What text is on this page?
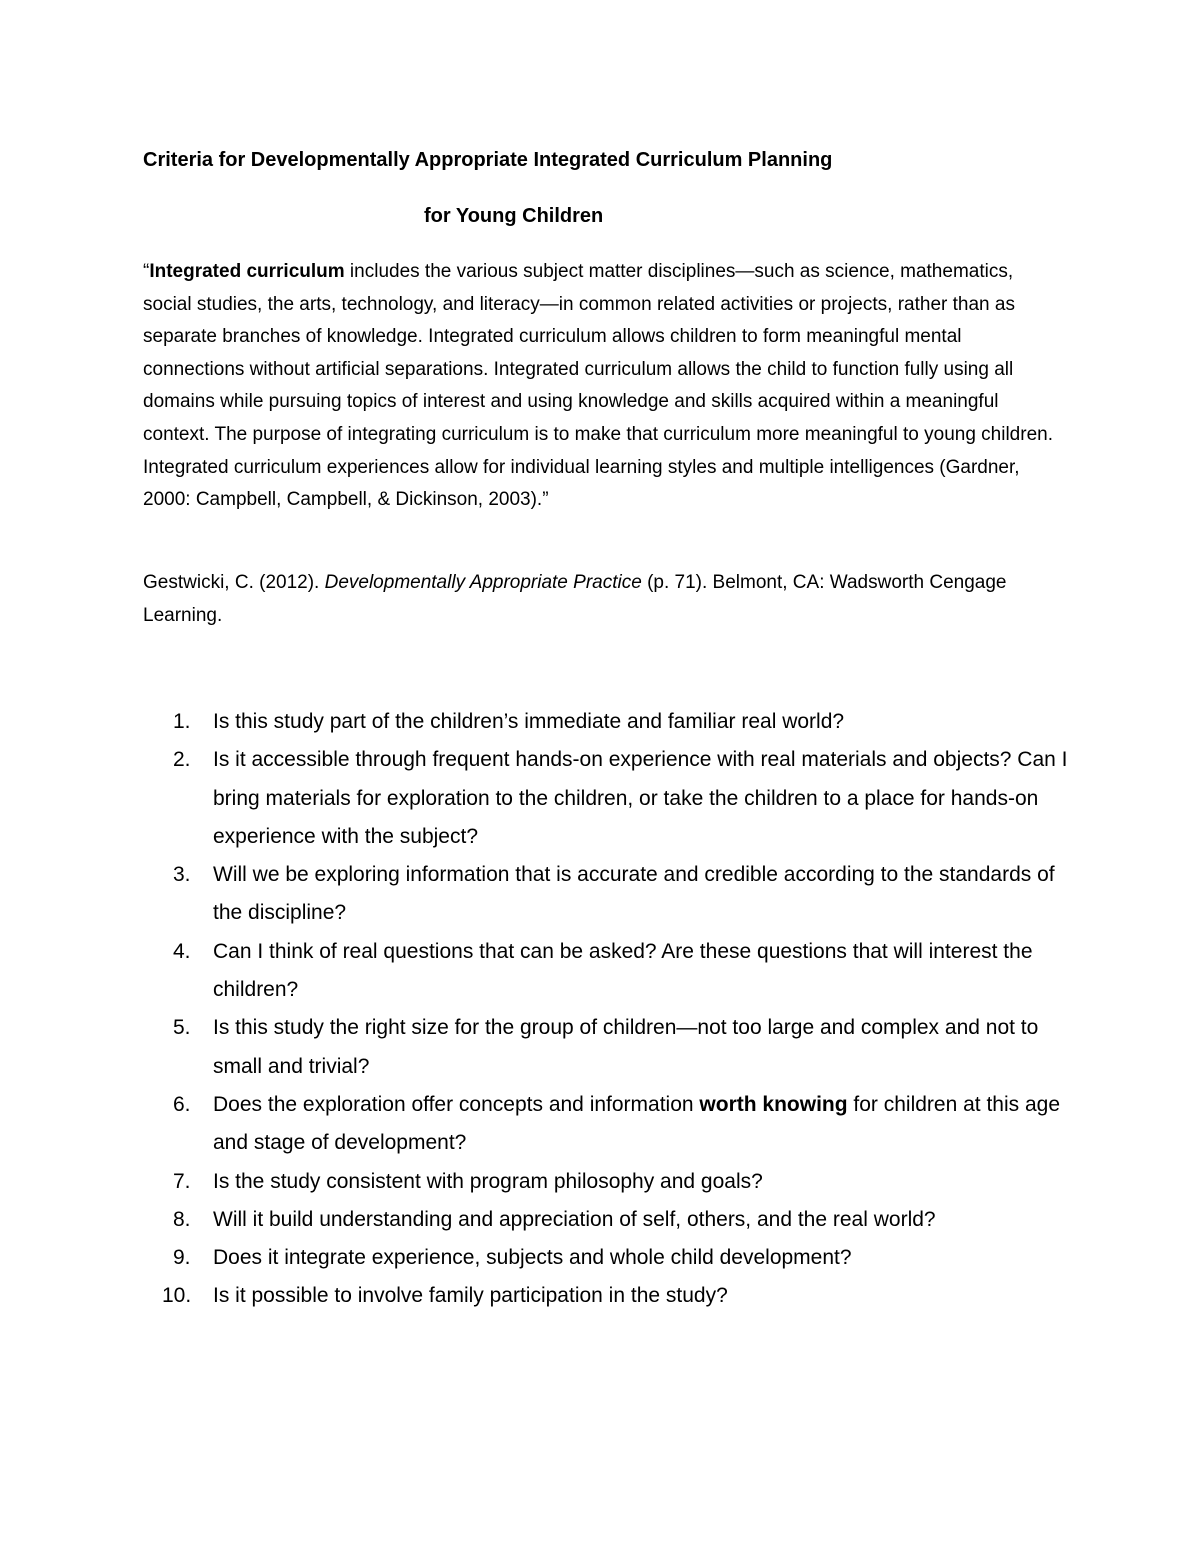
Criteria for Developmentally Appropriate Integrated Curriculum Planning
for Young Children
“Integrated curriculum includes the various subject matter disciplines—such as science, mathematics, social studies, the arts, technology, and literacy—in common related activities or projects, rather than as separate branches of knowledge. Integrated curriculum allows children to form meaningful mental connections without artificial separations. Integrated curriculum allows the child to function fully using all domains while pursuing topics of interest and using knowledge and skills acquired within a meaningful context. The purpose of integrating curriculum is to make that curriculum more meaningful to young children. Integrated curriculum experiences allow for individual learning styles and multiple intelligences (Gardner, 2000: Campbell, Campbell, & Dickinson, 2003).”
Gestwicki, C. (2012). Developmentally Appropriate Practice (p. 71). Belmont, CA: Wadsworth Cengage Learning.
1.	Is this study part of the children’s immediate and familiar real world?
2.	Is it accessible through frequent hands-on experience with real materials and objects? Can I bring materials for exploration to the children, or take the children to a place for hands-on experience with the subject?
3.	Will we be exploring information that is accurate and credible according to the standards of the discipline?
4.	Can I think of real questions that can be asked? Are these questions that will interest the children?
5.	Is this study the right size for the group of children—not too large and complex and not to small and trivial?
6.	Does the exploration offer concepts and information worth knowing for children at this age and stage of development?
7.	Is the study consistent with program philosophy and goals?
8.	Will it build understanding and appreciation of self, others, and the real world?
9.	Does it integrate experience, subjects and whole child development?
10.	Is it possible to involve family participation in the study?
